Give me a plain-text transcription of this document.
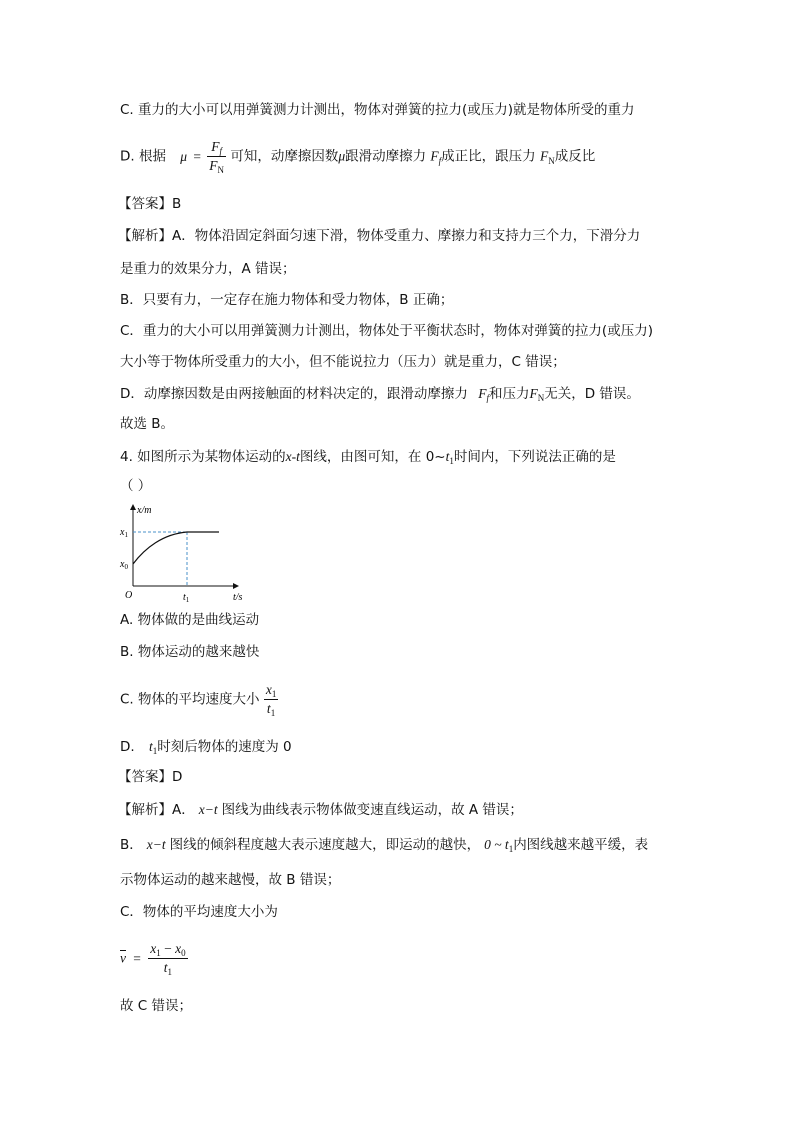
C. 重力的大小可以用弹簧测力计测出，物体对弹簧的拉力(或压力)就是物体所受的重力
D. 根据 $\mu = \frac{F_f}{F_N}$ 可知，动摩擦因数μ跟滑动摩擦力 $F_f$成正比，跟压力 $F_N$成反比
【答案】B
【解析】A．物体沿固定斜面匀速下滑，物体受重力、摩擦力和支持力三个力，下滑分力
是重力的效果分力，A 错误；
B．只要有力，一定存在施力物体和受力物体，B 正确；
C．重力的大小可以用弹簧测力计测出，物体处于平衡状态时，物体对弹簧的拉力(或压力)
大小等于物体所受重力的大小，但不能说拉力（压力）就是重力，C 错误；
D．动摩擦因数是由两接触面的材料决定的，跟滑动摩擦力 $F_f$和压力$F_N$无关，D 错误。
故选 B。
4. 如图所示为某物体运动的x-t图线，由图可知，在 $0\sim t_1$时间内，下列说法正确的是
（ ）
x/m
t/s
O
$x_1$
$x_0$
$t_1$
A. 物体做的是曲线运动
B. 物体运动的越来越快
C. 物体的平均速度大小 $\frac{x_1}{t_1}$
D. $t_1$时刻后物体的速度为 0
【答案】D
【解析】A． x−t 图线为曲线表示物体做变速直线运动，故 A 错误；
B． x−t 图线的倾斜程度越大表示速度越大，即运动的越快， 0 ~ $t_1$内图线越来越平缓，表
示物体运动的越来越慢，故 B 错误；
C．物体的平均速度大小为
$\overline{v} = \frac{x_1 - x_0}{t_1}$
故 C 错误；
